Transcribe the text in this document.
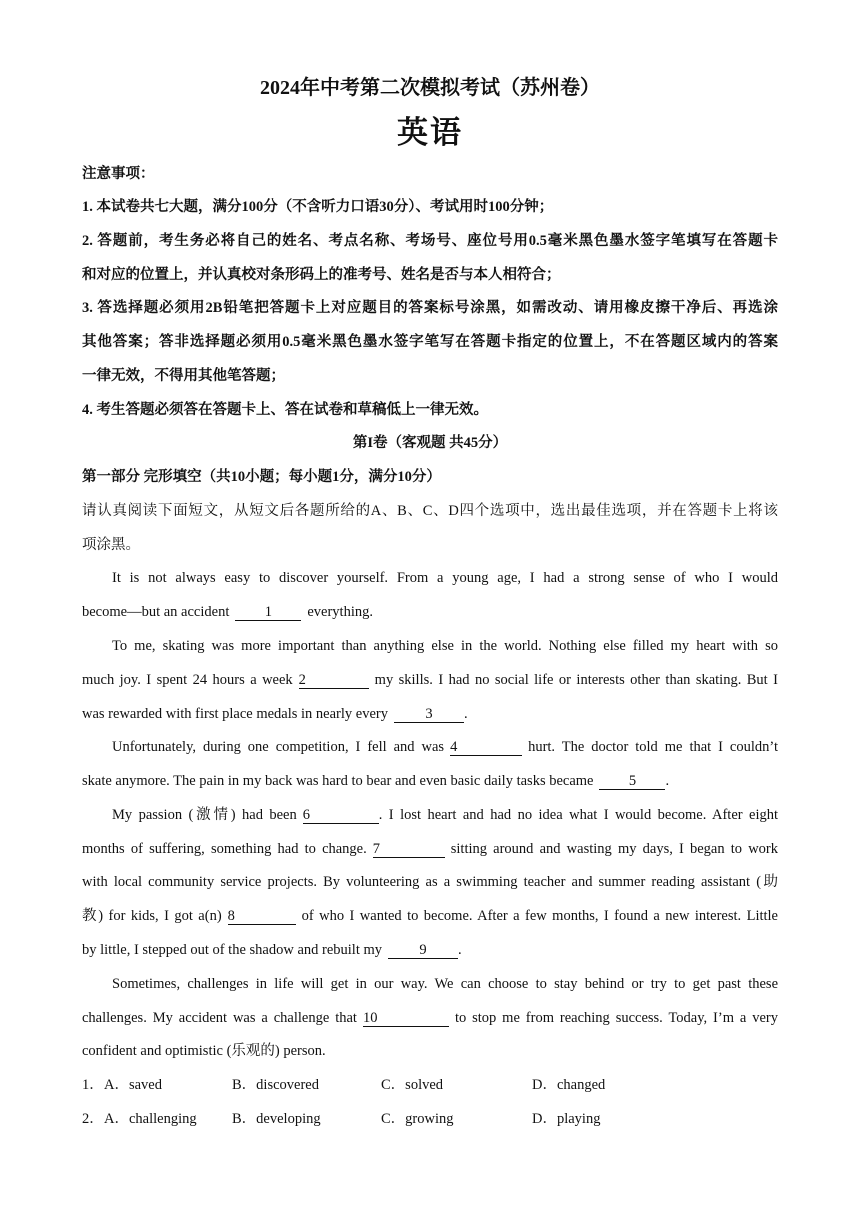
2024年中考第二次模拟考试（苏州卷）
英语
注意事项：
1. 本试卷共七大题，满分100分（不含听力口语30分）、考试用时100分钟；
2. 答题前，考生务必将自己的姓名、考点名称、考场号、座位号用0.5毫米黑色墨水签字笔填写在答题卡
和对应的位置上，并认真校对条形码上的准考号、姓名是否与本人相符合；
3. 答选择题必须用2B铅笔把答题卡上对应题目的答案标号涂黑，如需改动、请用橡皮擦干净后、再选涂
其他答案；答非选择题必须用0.5毫米黑色墨水签字笔写在答题卡指定的位置上，不在答题区域内的答案
一律无效，不得用其他笔答题；
4. 考生答题必须答在答题卡上、答在试卷和草稿低上一律无效。
第I卷（客观题 共45分）
第一部分 完形填空（共10小题；每小题1分，满分10分）
请认真阅读下面短文，从短文后各题所给的A、B、C、D四个选项中，选出最佳选项，并在答题卡上将该
项涂黑。
It is not always easy to discover yourself. From a young age, I had a strong sense of who I would
become—but an accident 1 everything.
To me, skating was more important than anything else in the world. Nothing else filled my heart with so
much joy. I spent 24 hours a week 2	my skills. I had no social life or interests other than skating. But I
was rewarded with first place medals in nearly every	3 .
Unfortunately, during one competition, I fell and was 4	hurt. The doctor told me that I couldn’t
skate anymore. The pain in my back was hard to bear and even basic daily tasks became 5 .
My passion (激情) had been 6	. I lost heart and had no idea what I would become. After eight
months of suffering, something had to change. 7	sitting around and wasting my days, I began to work
with local community service projects. By volunteering as a swimming teacher and summer reading assistant (助
教) for kids, I got a(n) 8	of who I wanted to become. After a few months, I found a new interest. Little
by little, I stepped out of the shadow and rebuilt my	9 .
Sometimes, challenges in life will get in our way. We can choose to stay behind or try to get past these
challenges. My accident was a challenge that 10	to stop me from reaching success. Today, I’m a very
confident and optimistic (乐观的) person.
1． A．saved	B．discovered	C．solved	D．changed
2． A．challenging B．developing	C．growing	D．playing
